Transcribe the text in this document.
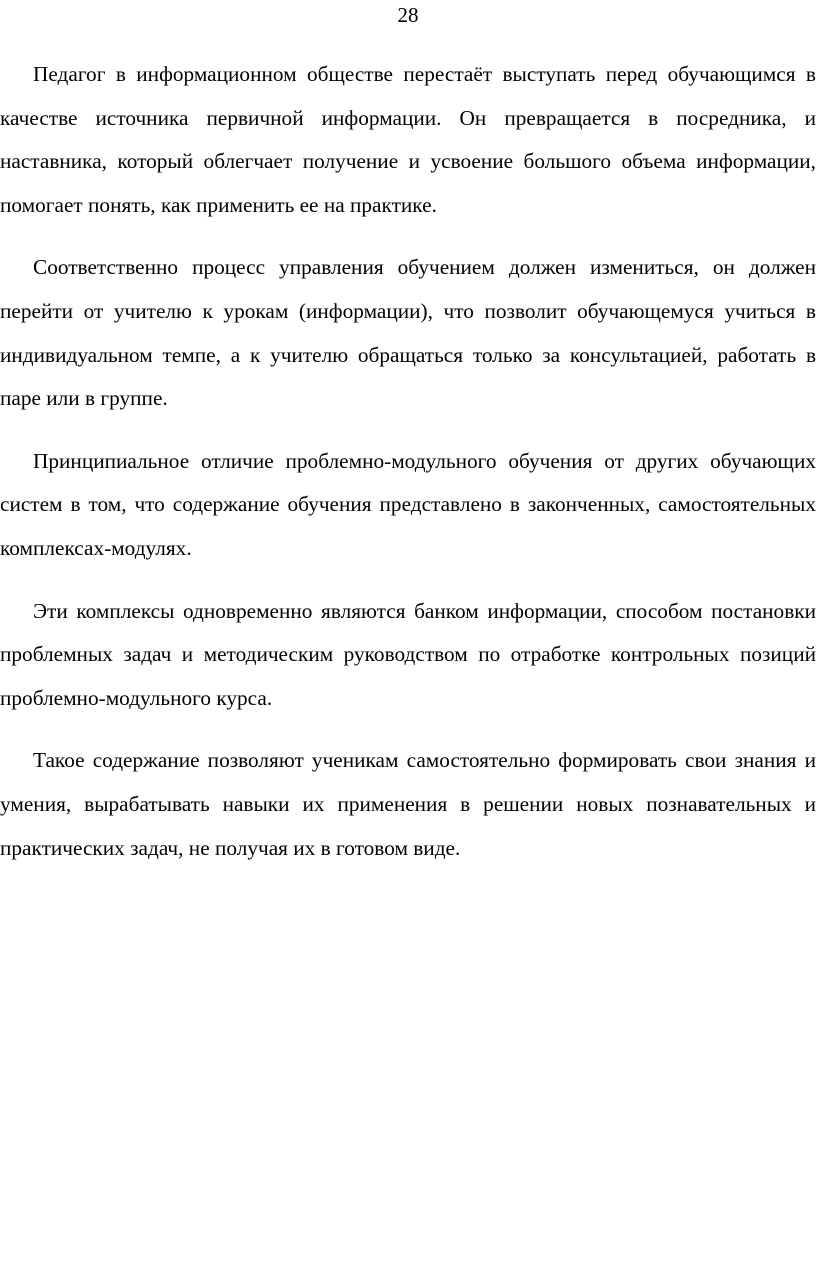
28

Педагог в информационном обществе перестаёт выступать перед обучающимся в качестве источника первичной информации. Он превращается в посредника, и наставника, который облегчает получение и усвоение большого объема информации, помогает понять, как применить ее на практике.

Соответственно процесс управления обучением должен измениться, он должен перейти от учителю к урокам (информации), что позволит обучающемуся учиться в индивидуальном темпе, а к учителю обращаться только за консультацией, работать в паре или в группе.

Принципиальное отличие проблемно-модульного обучения от других обучающих систем в том, что содержание обучения представлено в законченных, самостоятельных комплексах-модулях.

Эти комплексы одновременно являются банком информации, способом постановки проблемных задач и методическим руководством по отработке контрольных позиций проблемно-модульного курса.

Такое содержание позволяют ученикам самостоятельно формировать свои знания и умения, вырабатывать навыки их применения в решении новых познавательных и практических задач, не получая их в готовом виде.
